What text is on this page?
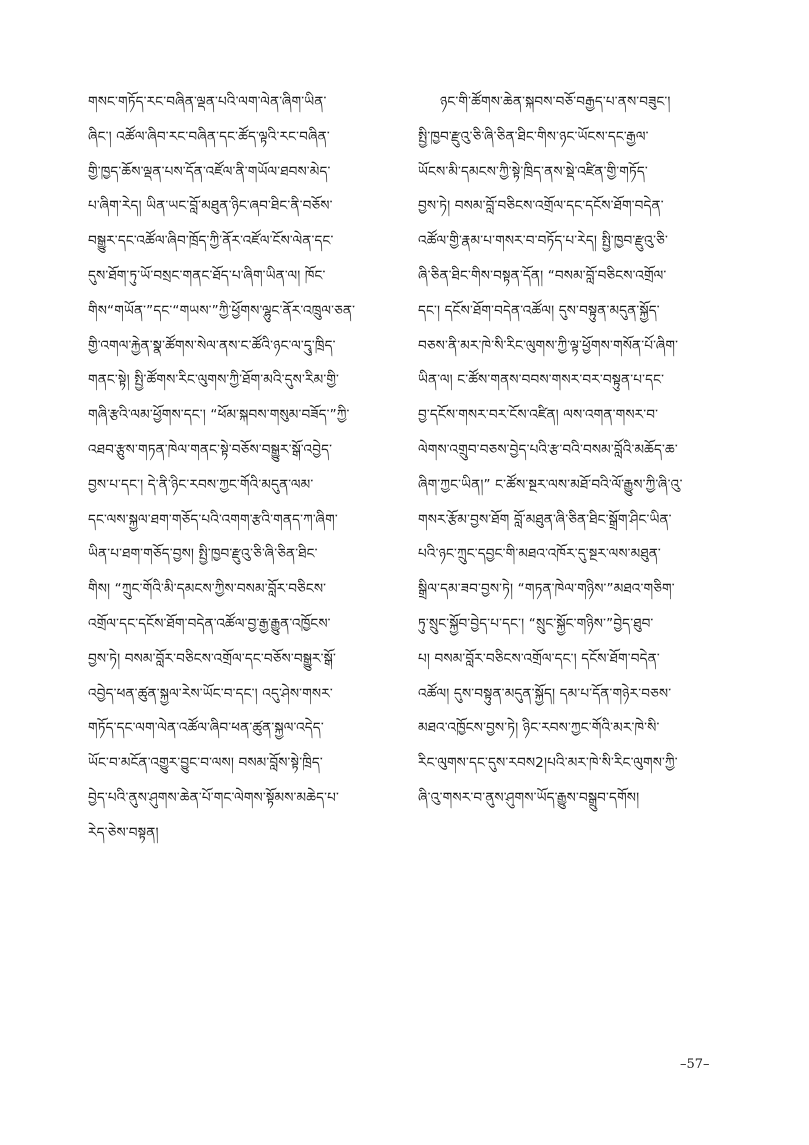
གསང་གཏོད་རང་བཞིན་ལྡན་པའི་ལག་ལེན་ཞིག་ཡིན་
ཞིང་། འཚོལ་ཞིབ་རང་བཞིན་དང་ཚོད་ལྟའི་རང་བཞིན་
གྱི་ཁྱད་ཆོས་ལྡན་པས་དོན་འཛོལ་ནི་གཡོལ་ཐབས་མེད་
པ་ཞིག་རེད། ཡིན་ཡང་བློ་མཐུན་ཉིང་ཞབ་ཐིང་ནི་བཅོས་
བསྒྱུར་དང་འཚོལ་ཞིབ་ཁྲོད་ཀྱི་ནོར་འཛོལ་ངོས་ལེན་དང་
དུས་ཐོག་ཏུ་ཡོ་བསྲང་གནང་ཐོད་པ་ཞིག་ཡིན་ལ། ཁོང་
གིས“གཡོན་”དང་“གཡས་”ཀྱི་ཕྱོགས་ལྷུང་ནོར་འཁྲུལ་ཅན་
གྱི་འགལ་རྐྱེན་སྣ་ཚོགས་སེལ་ནས་ང་ཚོའི་ཉང་ལ་དྭུ་ཁྲིད་
གནང་སྟེ། སྤྱི་ཚོགས་རིང་ལུགས་ཀྱི་ཐོག་མའི་དུས་རིམ་གྱི་
གཞི་རྩའི་ལམ་ཕྱོགས་དང་། “ཕོམ་སྐབས་གསུམ་བཟོད་”ཀྱི་
འཐབ་རྩུས་གཏན་ཁེལ་གནང་སྟེ་བཅོས་བསྒྱུར་སྒོ་འབྱེད་
བྱས་པ་དང་། དེ་ནི་ཉིང་རབས་ཀྱང་གོའི་མདུན་ལམ་
དང་ལས་སྐྱལ་ཐག་གཅོད་པའི་འགག་རྩའི་གནད་ཀ་ཞིག་
ཡིན་པ་ཐག་གཅོད་བྱས། སྤྱི་ཁྱབ་རྫུའུ་ཅི་ཞི་ཅིན་ཐིང་
གིས། “ཀྲུང་གོའི་མི་དམངས་ཀྱིས་བསམ་བློར་བཅིངས་
འགྲོལ་དང་དངོས་ཐོག་བདེན་འཚོལ་བྱ་རྒྱ་རྒྱུན་འཁྱོངས་
བྱས་ཏེ། བསམ་བློར་བཅིངས་འགྲོལ་དང་བཅོས་བསྒྱུར་སྒོ་
འབྱེད་ཕན་ཚུན་སྐྱལ་རེས་ཡོང་བ་དང་། འདུ་ཤེས་གསར་
གཏོད་དང་ལག་ལེན་འཚོལ་ཞིབ་ཕན་ཚུན་སྐྱལ་འདེད་
ཡོང་བ་མངོན་འགྱུར་བྱུང་བ་ལས། བསམ་བློས་སྟེ་ཁྲིད་
བྱེད་པའི་ནུས་ཤུགས་ཆེན་པོ་གང་ལེགས་སྟོམས་མཆེད་པ་
རེད་ཅེས་བསྟན།
ཉང་གི་ཚོགས་ཆེན་སྐབས་བཅོ་བརྒྱད་པ་ནས་བཟུང་།
སྤྱི་ཁྱབ་རྫུའུ་ཅི་ཞི་ཅིན་ཐིང་གིས་ཉང་ཡོངས་དང་རྒྱལ་
ཡོངས་མི་དམངས་ཀྱི་སྟེ་ཁྲིད་ནས་སྡེ་འཛིན་གྱི་གཏོད་
བྱས་ཏེ། བསམ་བློ་བཅིངས་འགྲོལ་དང་དངོས་ཐོག་བདེན་
འཚོལ་གྱི་རྣམ་པ་གསར་བ་བཏོད་པ་རེད། སྤྱི་ཁྱབ་རྫུའུ་ཅི་
ཞི་ཅིན་ཐིང་གིས་བསྟན་དོན། “བསམ་བློ་བཅིངས་འགྲོལ་
དང་། དངོས་ཐོག་བདེན་འཚོལ། དུས་བསྟུན་མདུན་སྐྱོད་
བཅས་ནི་མར་ཁེ་སི་རིང་ལུགས་ཀྱི་ལྟ་ཕྱོགས་གསོན་པོ་ཞིག་
ཡིན་ལ། ང་ཚོས་གནས་བབས་གསར་བར་བསྟུན་པ་དང་
བྱ་དངོས་གསར་བར་ངོས་འཛིན། ལས་འགན་གསར་བ་
ལེགས་འགྲུབ་བཅས་བྱེད་པའི་རྩ་བའི་བསམ་བློའི་མཆོད་ཆ་
ཞིག་ཀྱང་ཡིན།” ང་ཚོས་སྔར་ལས་མཐོ་བའི་ལོ་རྒྱུས་ཀྱི་ཞི་འུ་
གསར་རྩོམ་བྱས་ཐོག བློ་མཐུན་ཞི་ཅིན་ཐིང་སྒྲོག་ཤིང་ཡིན་
པའི་ཉང་ཀྲུང་དབྱང་གི་མཐའ་འཁོར་དུ་སྔར་ལས་མཐུན་
སྒྲིལ་དམ་ཟབ་བྱས་ཏེ། “གཏན་ཁེལ་གཉིས་”མཐའ་གཅིག་
ཏུ་སྲུང་སྐྱོབ་བྱེད་པ་དང་། “སྲུང་སྐྱོང་གཉིས་”བྱེད་ཐུབ་
པ། བསམ་བློར་བཅིངས་འགྲོལ་དང་། དངོས་ཐོག་བདེན་
འཚོལ། དུས་བསྟུན་མདུན་སྐྱོད། དམ་པ་དོན་གཉེར་བཅས་
མཐའ་འཁྱོངས་བྱས་ཏེ། ཉིང་རབས་ཀྱང་གོའི་མར་ཁེ་སི་
རིང་ལུགས་དང་དུས་རབས2།པའི་མར་ཁེ་སི་རིང་ལུགས་ཀྱི་
ཞི་འུ་གསར་བ་ནུས་ཤུགས་ཡོད་རྒྱུས་བསྒྲུབ་དགོས།
–57–
